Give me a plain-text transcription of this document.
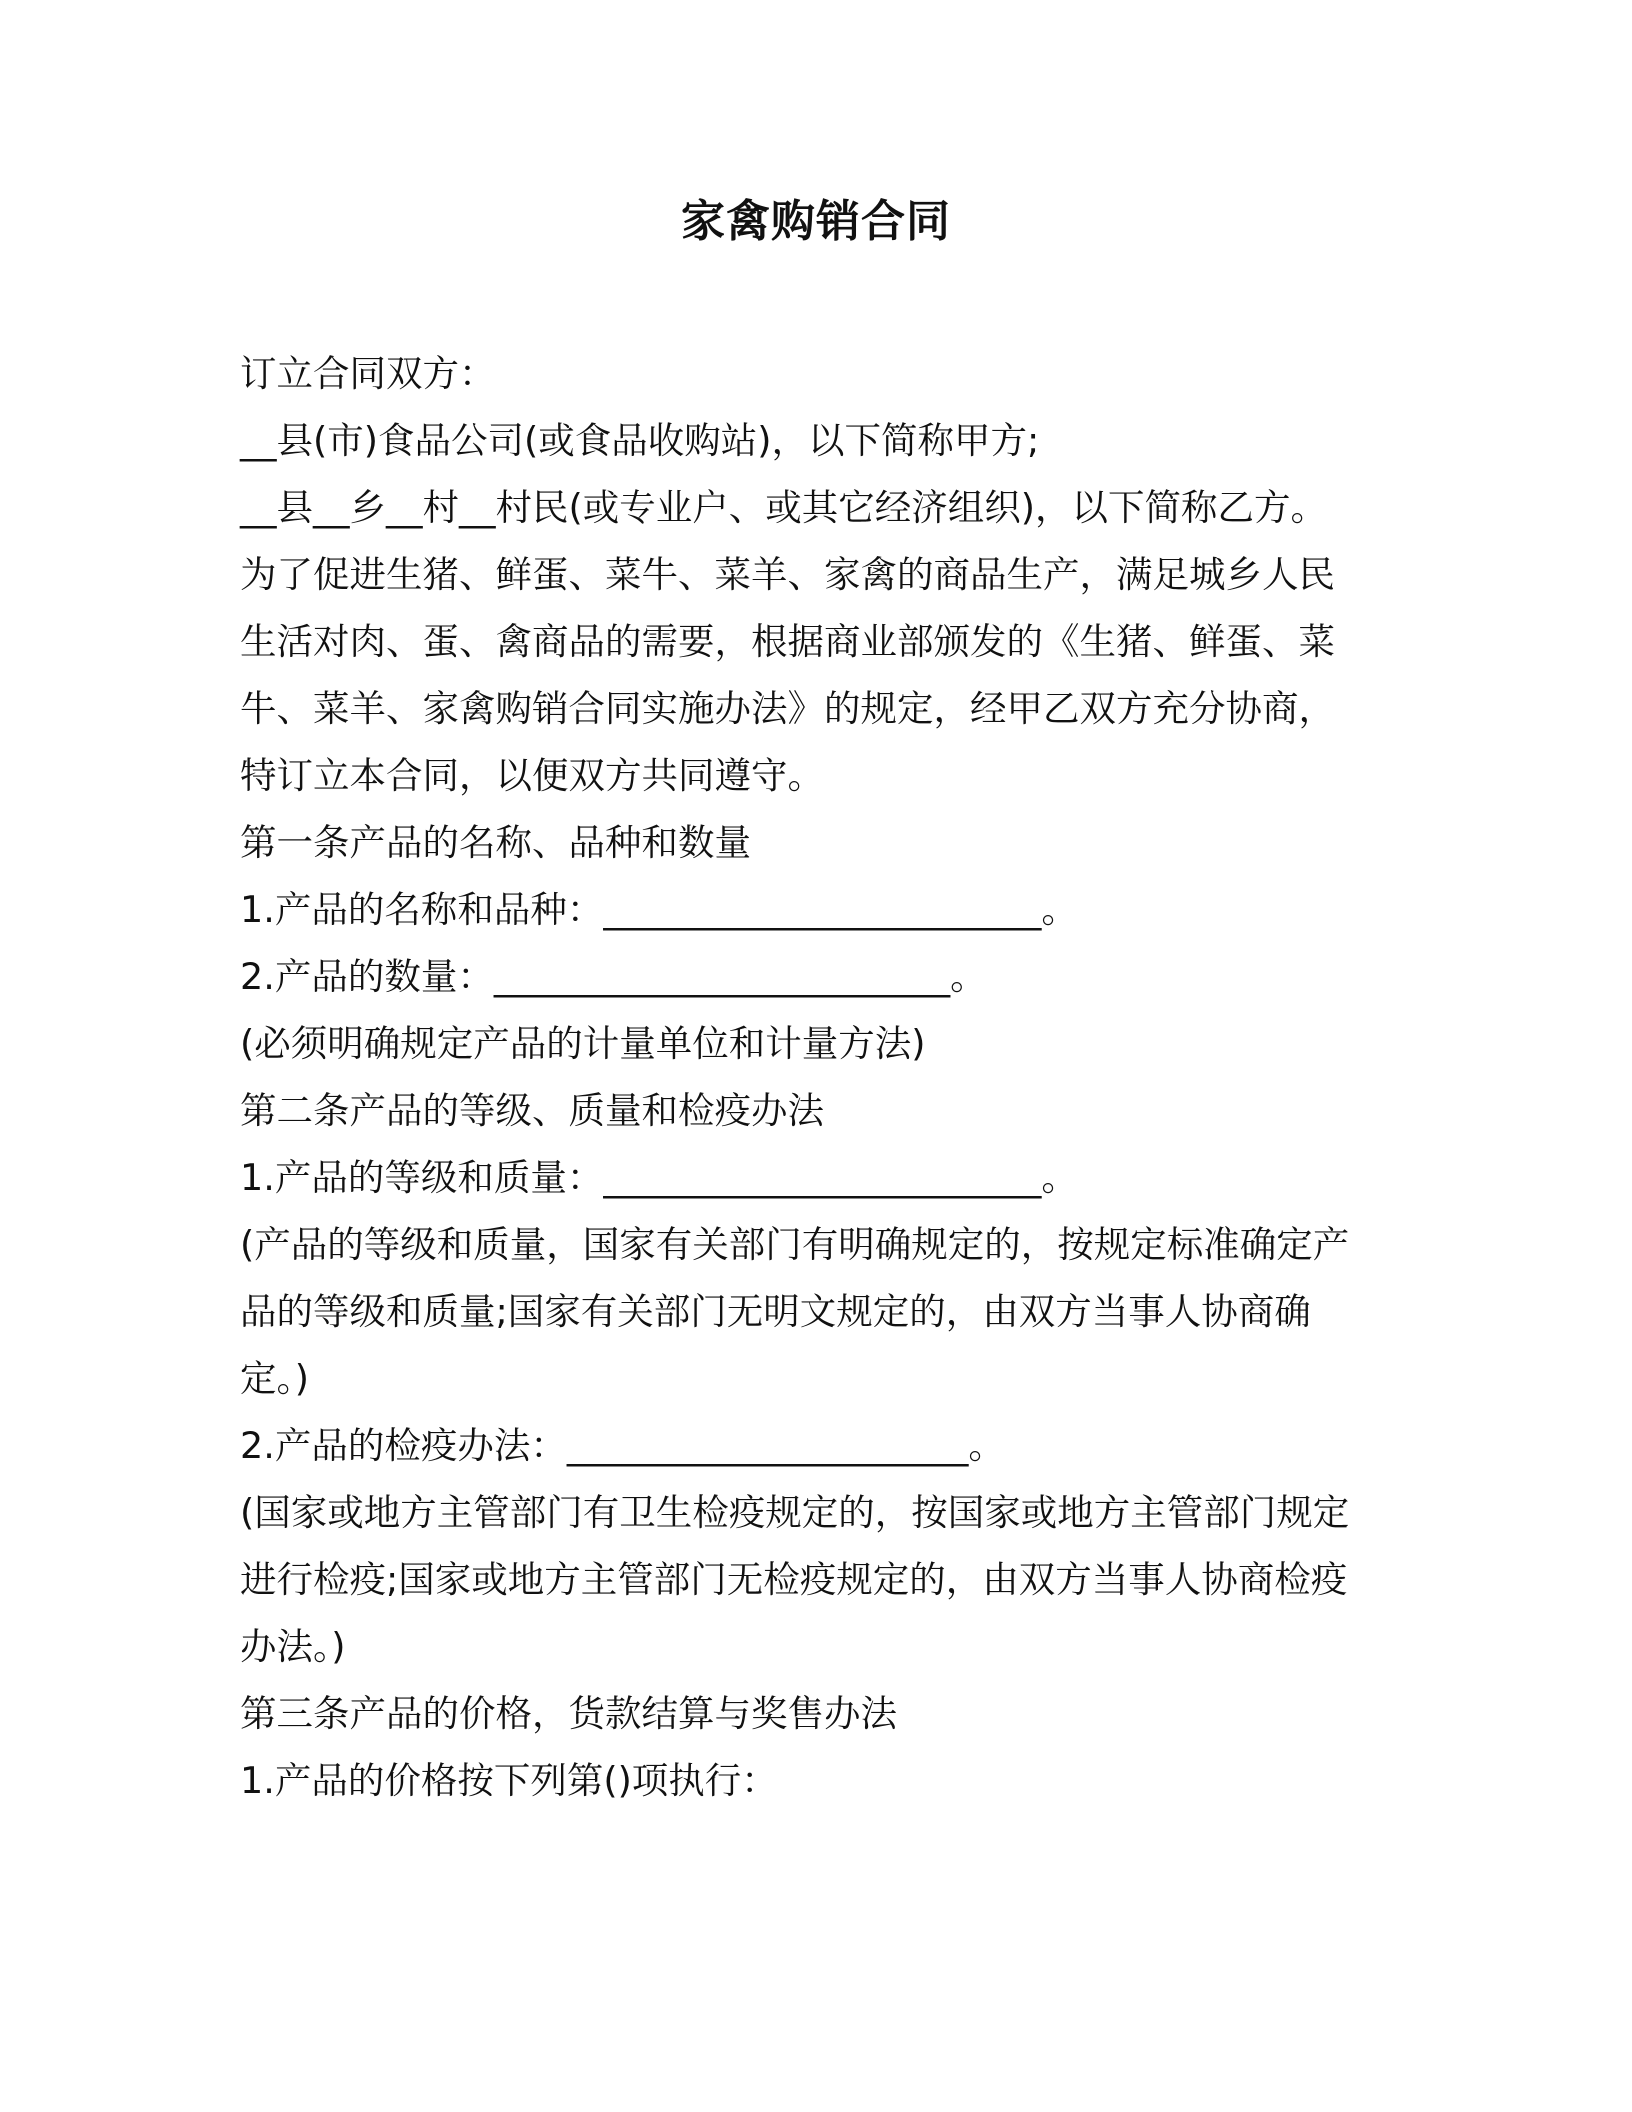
家禽购销合同
订立合同双方：
__县(市)食品公司(或食品收购站)，以下简称甲方;
__县__乡__村__村民(或专业户、或其它经济组织)，以下简称乙方。
为了促进生猪、鲜蛋、菜牛、菜羊、家禽的商品生产，满足城乡人民
生活对肉、蛋、禽商品的需要，根据商业部颁发的《生猪、鲜蛋、菜
牛、菜羊、家禽购销合同实施办法》的规定，经甲乙双方充分协商，
特订立本合同，以便双方共同遵守。
第一条产品的名称、品种和数量
1.产品的名称和品种：________________________。
2.产品的数量：_________________________。
(必须明确规定产品的计量单位和计量方法)
第二条产品的等级、质量和检疫办法
1.产品的等级和质量：________________________。
(产品的等级和质量，国家有关部门有明确规定的，按规定标准确定产
品的等级和质量;国家有关部门无明文规定的，由双方当事人协商确
定。)
2.产品的检疫办法：______________________。
(国家或地方主管部门有卫生检疫规定的，按国家或地方主管部门规定
进行检疫;国家或地方主管部门无检疫规定的，由双方当事人协商检疫
办法。)
第三条产品的价格，货款结算与奖售办法
1.产品的价格按下列第()项执行：
